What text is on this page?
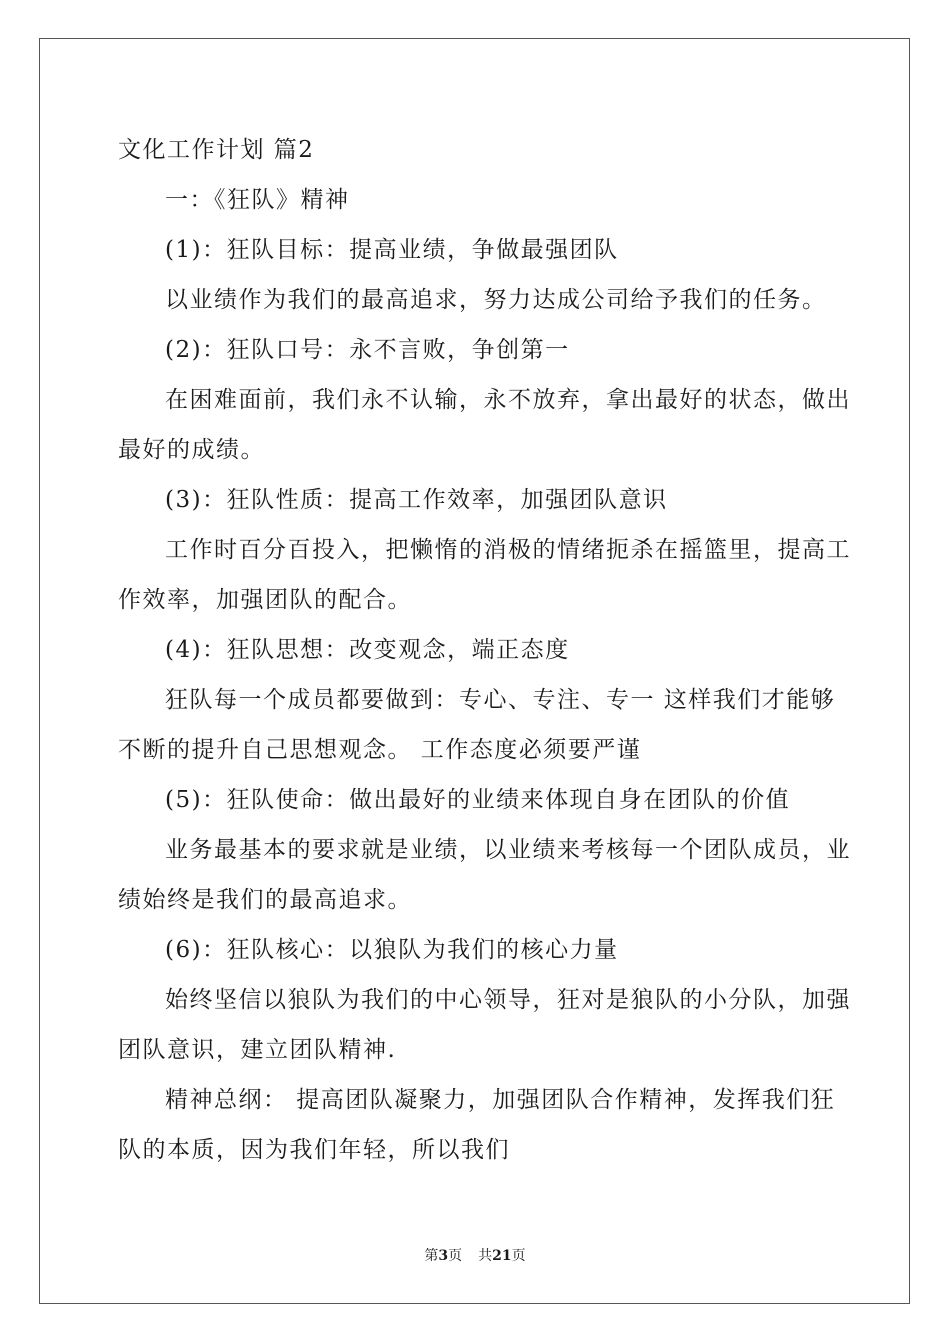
文化工作计划 篇2
一：《狂队》精神
(1)：狂队目标：提高业绩，争做最强团队
以业绩作为我们的最高追求，努力达成公司给予我们的任务。
(2)：狂队口号：永不言败，争创第一
在困难面前，我们永不认输，永不放弃，拿出最好的状态，做出
最好的成绩。
(3)：狂队性质：提高工作效率，加强团队意识
工作时百分百投入，把懒惰的消极的情绪扼杀在摇篮里，提高工
作效率，加强团队的配合。
(4)：狂队思想：改变观念，端正态度
狂队每一个成员都要做到：专心、专注、专一 这样我们才能够
不断的提升自己思想观念。 工作态度必须要严谨
(5)：狂队使命：做出最好的业绩来体现自身在团队的价值
业务最基本的要求就是业绩，以业绩来考核每一个团队成员，业
绩始终是我们的最高追求。
(6)：狂队核心：以狼队为我们的核心力量
始终坚信以狼队为我们的中心领导，狂对是狼队的小分队，加强
团队意识，建立团队精神.
精神总纲： 提高团队凝聚力，加强团队合作精神，发挥我们狂
队的本质，因为我们年轻，所以我们
第3页 共21页
